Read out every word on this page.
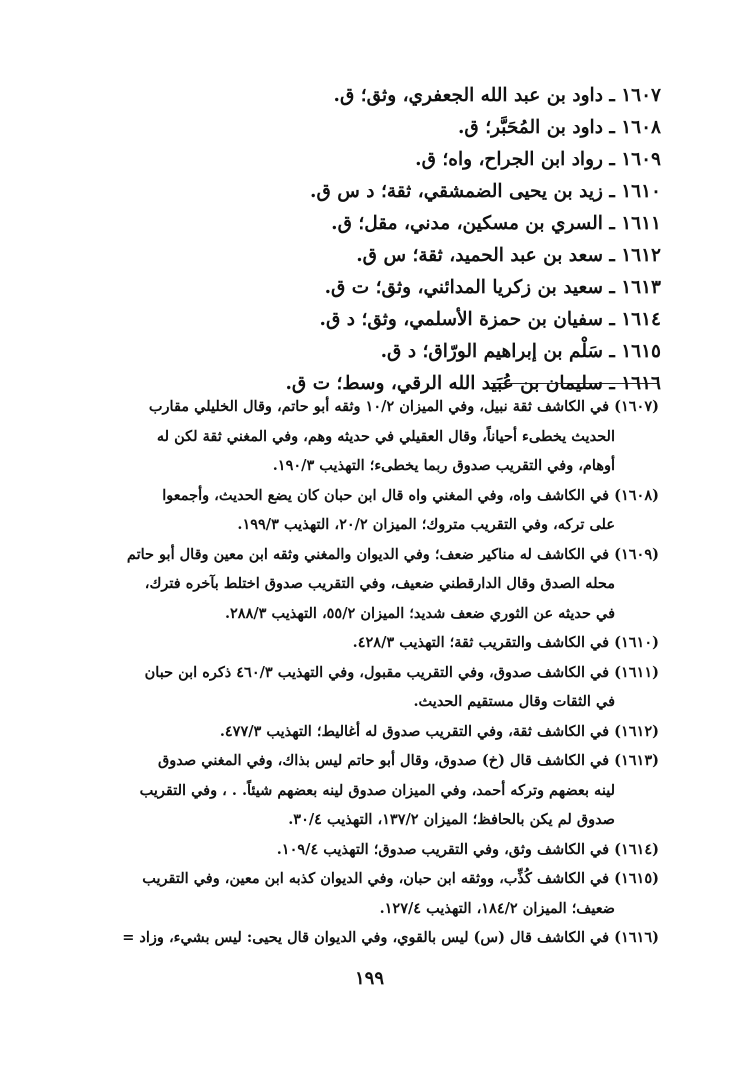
١٦٠٧ ـ داود بن عبد الله الجعفري، وثق؛ ق.
١٦٠٨ ـ داود بن المُحَبَّر؛ ق.
١٦٠٩ ـ رواد ابن الجراح، واه؛ ق.
١٦١٠ ـ زيد بن يحيى الضمشقي، ثقة؛ د س ق.
١٦١١ ـ السري بن مسكين، مدني، مقل؛ ق.
١٦١٢ ـ سعد بن عبد الحميد، ثقة؛ س ق.
١٦١٣ ـ سعيد بن زكريا المدائني، وثق؛ ت ق.
١٦١٤ ـ سفيان بن حمزة الأسلمي، وثق؛ د ق.
١٦١٥ ـ سَلْم بن إبراهيم الورّاق؛ د ق.
١٦١٦ ـ سليمان بن عُبَيد الله الرقي، وسط؛ ت ق.
(١٦٠٧) في الكاشف ثقة نبيل، وفي الميزان ١٠/٢ وثقه أبو حاتم، وقال الخليلي مقارب
الحديث يخطىء أحياناً، وقال العقيلي في حديثه وهم، وفي المغني ثقة لكن له
أوهام، وفي التقريب صدوق ربما يخطىء؛ التهذيب ١٩٠/٣.
(١٦٠٨) في الكاشف واه، وفي المغني واه قال ابن حبان كان يضع الحديث، وأجمعوا
على تركه، وفي التقريب متروك؛ الميزان ٢٠/٢، التهذيب ١٩٩/٣.
(١٦٠٩) في الكاشف له مناكير ضعف؛ وفي الديوان والمغني وثقه ابن معين وقال أبو حاتم
محله الصدق وقال الدارقطني ضعيف، وفي التقريب صدوق اختلط بآخره فترك،
في حديثه عن الثوري ضعف شديد؛ الميزان ٥٥/٢، التهذيب ٢٨٨/٣.
(١٦١٠) في الكاشف والتقريب ثقة؛ التهذيب ٤٢٨/٣.
(١٦١١) في الكاشف صدوق، وفي التقريب مقبول، وفي التهذيب ٤٦٠/٣ ذكره ابن حبان
في الثقات وقال مستقيم الحديث.
(١٦١٢) في الكاشف ثقة، وفي التقريب صدوق له أغاليط؛ التهذيب ٤٧٧/٣.
(١٦١٣) في الكاشف قال (خ) صدوق، وقال أبو حاتم ليس بذاك، وفي المغني صدوق
لينه بعضهم وتركه أحمد، وفي الميزان صدوق لينه بعضهم شيئاً. . ، وفي التقريب
صدوق لم يكن بالحافظ؛ الميزان ١٣٧/٢، التهذيب ٣٠/٤.
(١٦١٤) في الكاشف وثق، وفي التقريب صدوق؛ التهذيب ١٠٩/٤.
(١٦١٥) في الكاشف كُذِّب، ووثقه ابن حبان، وفي الديوان كذبه ابن معين، وفي التقريب
ضعيف؛ الميزان ١٨٤/٢، التهذيب ١٢٧/٤.
(١٦١٦) في الكاشف قال (س) ليس بالقوي، وفي الديوان قال يحيى: ليس بشيء، وزاد =
١٩٩
